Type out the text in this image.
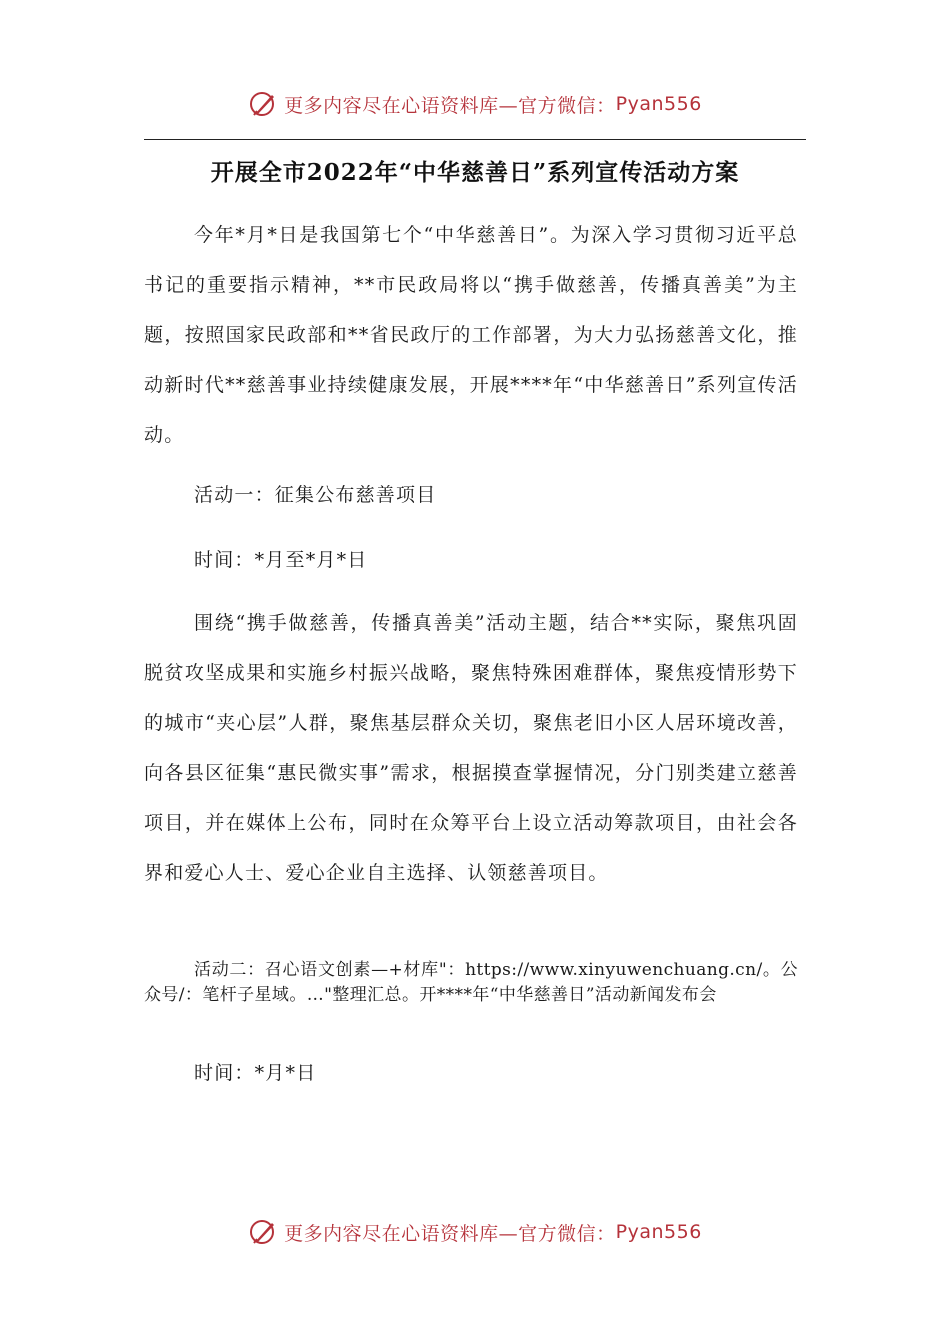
更多内容尽在心语资料库—官方微信： Pyan556
开展全市2022年“中华慈善日”系列宣传活动方案

今年*月*日是我国第七个“中华慈善日”。为深入学习贯彻习近平总书记的重要指示精神，**市民政局将以“携手做慈善，传播真善美”为主题，按照国家民政部和**省民政厅的工作部署，为大力弘扬慈善文化，推动新时代**慈善事业持续健康发展，开展****年“中华慈善日”系列宣传活动。

活动一：征集公布慈善项目

时间：*月至*月*日

围绕“携手做慈善，传播真善美”活动主题，结合**实际，聚焦巩固脱贫攻坚成果和实施乡村振兴战略，聚焦特殊困难群体，聚焦疫情形势下的城市“夹心层”人群，聚焦基层群众关切，聚焦老旧小区人居环境改善，向各县区征集“惠民微实事”需求，根据摸查掌握情况，分门别类建立慈善项目，并在媒体上公布，同时在众筹平台上设立活动筹款项目，由社会各界和爱心人士、爱心企业自主选择、认领慈善项目。

活动二：召心语文创素—+材库"：https://www.xinyuwenchuang.cn/。公众号/：笔杆子星域。…"整理汇总。开****年“中华慈善日”活动新闻发布会

时间：*月*日

更多内容尽在心语资料库—官方微信： Pyan556
